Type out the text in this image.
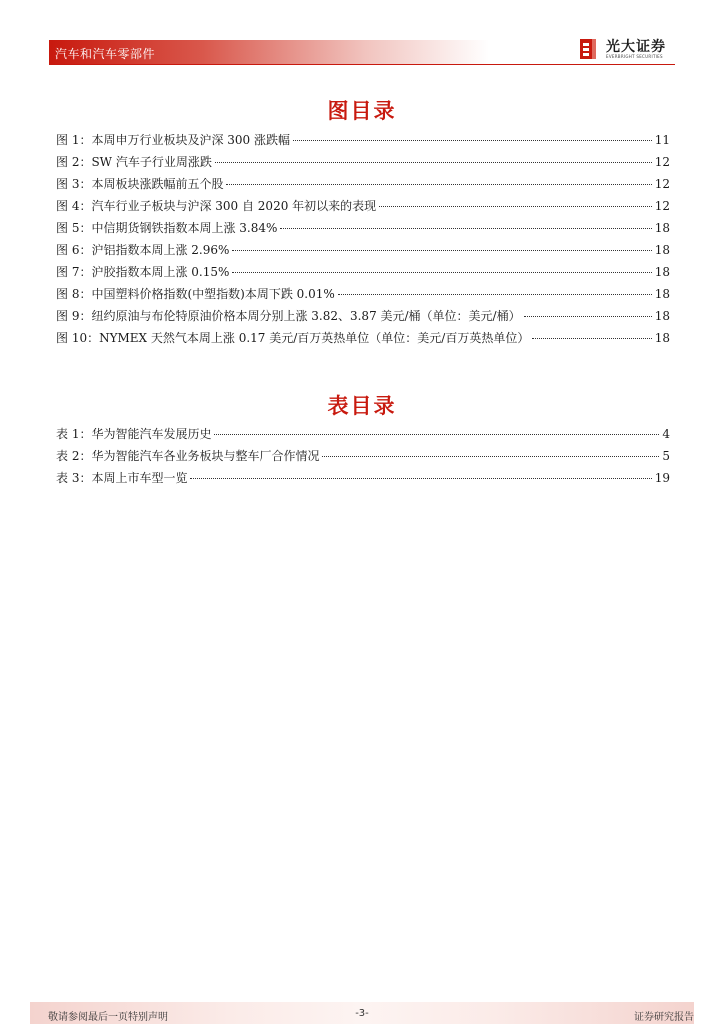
汽车和汽车零部件	光大证券
EVERBRIGHT SECURITIES
图目录
图 1：本周申万行业板块及沪深 300 涨跌幅	11
图 2：SW 汽车子行业周涨跌	12
图 3：本周板块涨跌幅前五个股	12
图 4：汽车行业子板块与沪深 300 自 2020 年初以来的表现	12
图 5：中信期货钢铁指数本周上涨 3.84%	18
图 6：沪铝指数本周上涨 2.96%	18
图 7：沪胶指数本周上涨 0.15%	18
图 8：中国塑料价格指数(中塑指数)本周下跌 0.01%	18
图 9：纽约原油与布伦特原油价格本周分别上涨 3.82、3.87 美元/桶（单位：美元/桶）	18
图 10：NYMEX 天然气本周上涨 0.17 美元/百万英热单位（单位：美元/百万英热单位）	18
表目录
表 1：华为智能汽车发展历史	4
表 2：华为智能汽车各业务板块与整车厂合作情况	5
表 3：本周上市车型一览	19
敬请参阅最后一页特别声明	-3-	证券研究报告
